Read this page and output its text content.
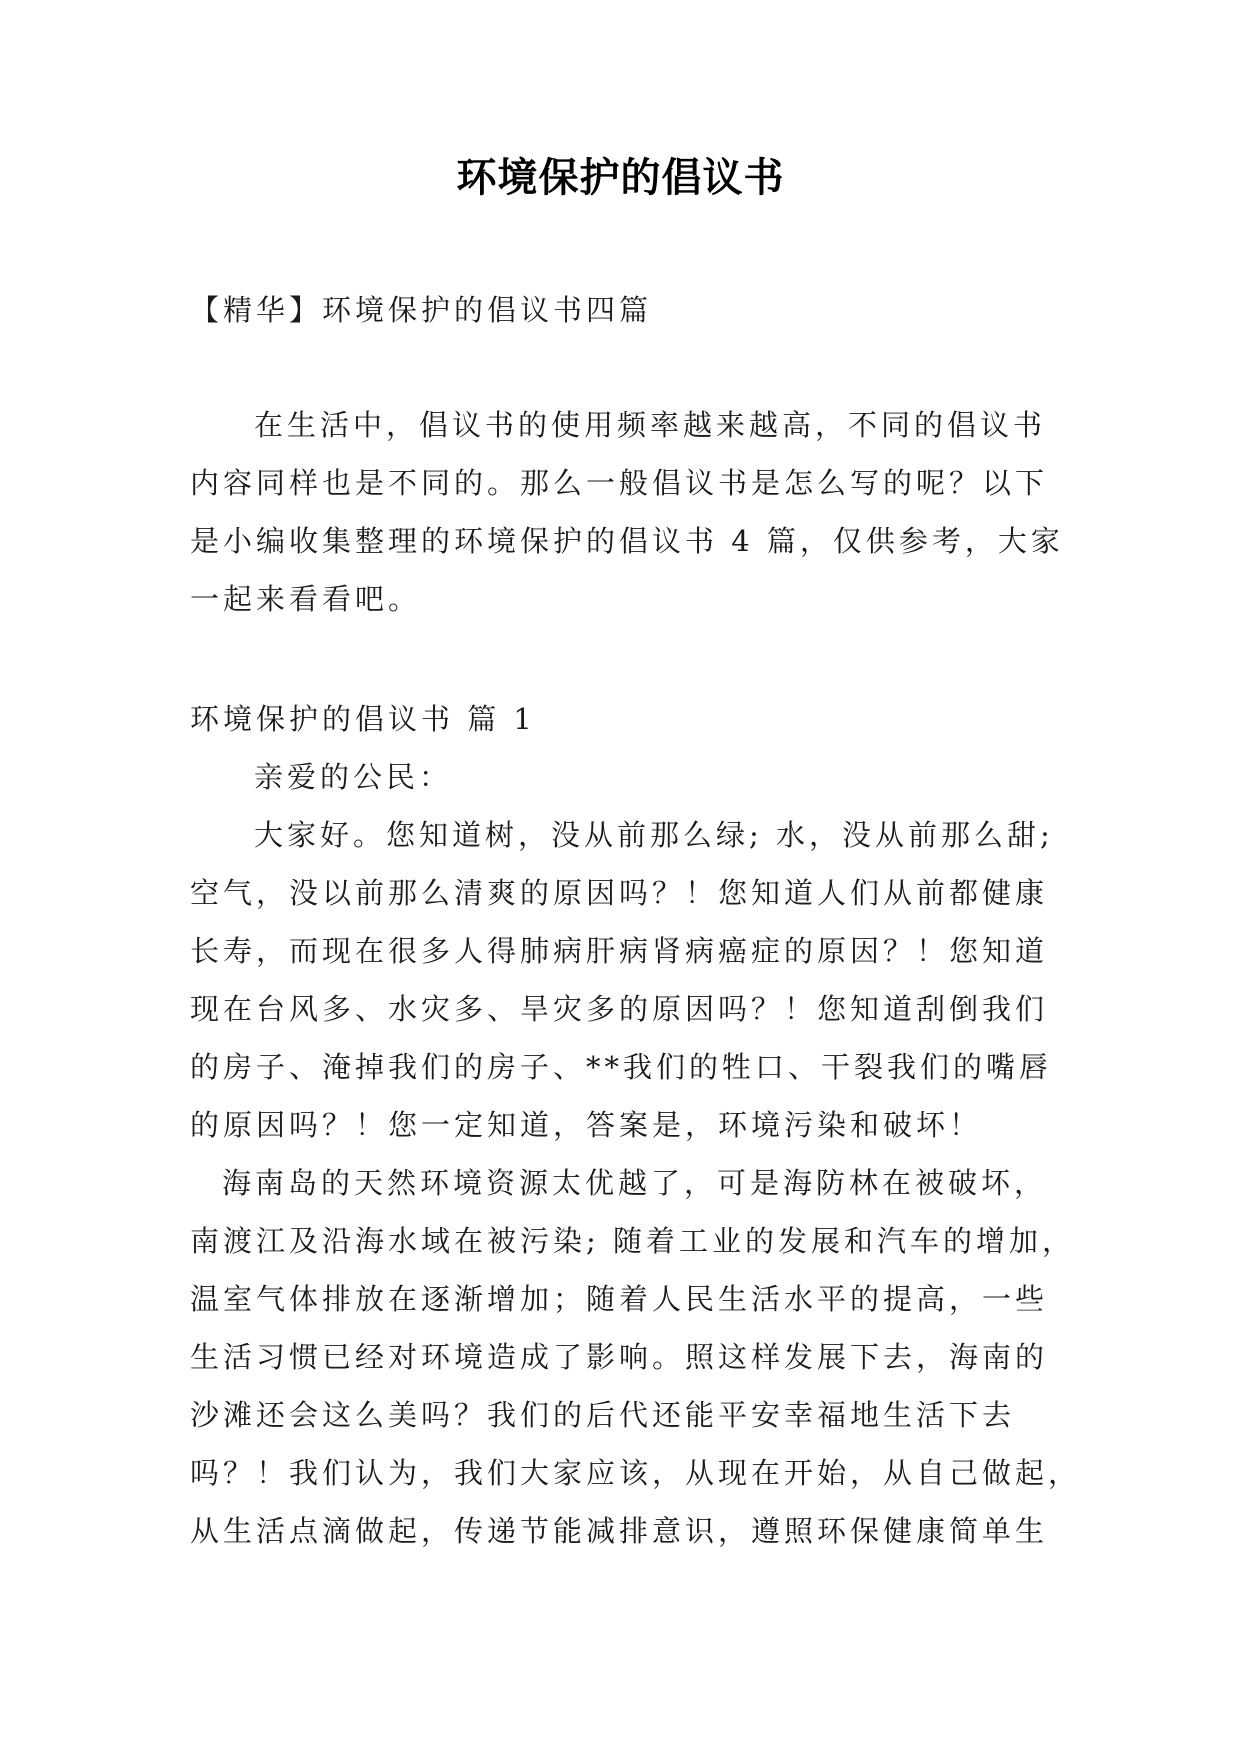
环境保护的倡议书

【精华】环境保护的倡议书四篇

在生活中，倡议书的使用频率越来越高，不同的倡议书

内容同样也是不同的。那么一般倡议书是怎么写的呢？以下

是小编收集整理的环境保护的倡议书 4 篇，仅供参考，大家

一起来看看吧。

环境保护的倡议书 篇 1

亲爱的公民：

大家好。您知道树，没从前那么绿; 水，没从前那么甜;

空气，没以前那么清爽的原因吗？！您知道人们从前都健康

长寿，而现在很多人得肺病肝病肾病癌症的原因？！您知道

现在台风多、水灾多、旱灾多的原因吗？！您知道刮倒我们

的房子、淹掉我们的房子、**我们的牲口、干裂我们的嘴唇

的原因吗？！您一定知道，答案是，环境污染和破坏！

海南岛的天然环境资源太优越了，可是海防林在被破坏，

南渡江及沿海水域在被污染; 随着工业的发展和汽车的增加，

温室气体排放在逐渐增加；随着人民生活水平的提高，一些

生活习惯已经对环境造成了影响。照这样发展下去，海南的

沙滩还会这么美吗？我们的后代还能平安幸福地生活下去

吗？！我们认为，我们大家应该，从现在开始，从自己做起，

从生活点滴做起，传递节能减排意识，遵照环保健康简单生
